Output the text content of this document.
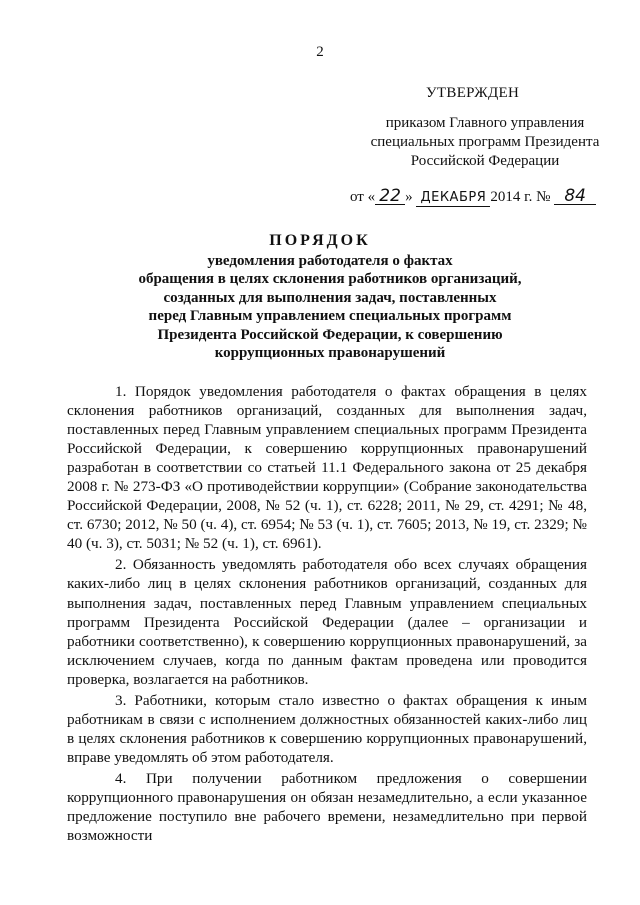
2
УТВЕРЖДЕН
приказом Главного управления
специальных программ Президента
Российской Федерации
от « 22 » ДЕКАБРЯ 2014 г. № 84
ПОРЯДОК
уведомления работодателя о фактах
обращения в целях склонения работников организаций,
созданных для выполнения задач, поставленных
перед Главным управлением специальных программ
Президента Российской Федерации, к совершению
коррупционных правонарушений

1. Порядок уведомления работодателя о фактах обращения в целях склонения работников организаций, созданных для выполнения задач, поставленных перед Главным управлением специальных программ Президента Российской Федерации, к совершению коррупционных правонарушений разработан в соответствии со статьей 11.1 Федерального закона от 25 декабря 2008 г. № 273-ФЗ «О противодействии коррупции» (Собрание законодательства Российской Федерации, 2008, № 52 (ч. 1), ст. 6228; 2011, № 29, ст. 4291; № 48, ст. 6730; 2012, № 50 (ч. 4), ст. 6954; № 53 (ч. 1), ст. 7605; 2013, № 19, ст. 2329; № 40 (ч. 3), ст. 5031; № 52 (ч. 1), ст. 6961).

2. Обязанность уведомлять работодателя обо всех случаях обращения каких-либо лиц в целях склонения работников организаций, созданных для выполнения задач, поставленных перед Главным управлением специальных программ Президента Российской Федерации (далее – организации и работники соответственно), к совершению коррупционных правонарушений, за исключением случаев, когда по данным фактам проведена или проводится проверка, возлагается на работников.

3. Работники, которым стало известно о фактах обращения к иным работникам в связи с исполнением должностных обязанностей каких-либо лиц в целях склонения работников к совершению коррупционных правонарушений, вправе уведомлять об этом работодателя.

4. При получении работником предложения о совершении коррупционного правонарушения он обязан незамедлительно, а если указанное предложение поступило вне рабочего времени, незамедлительно при первой возможности
